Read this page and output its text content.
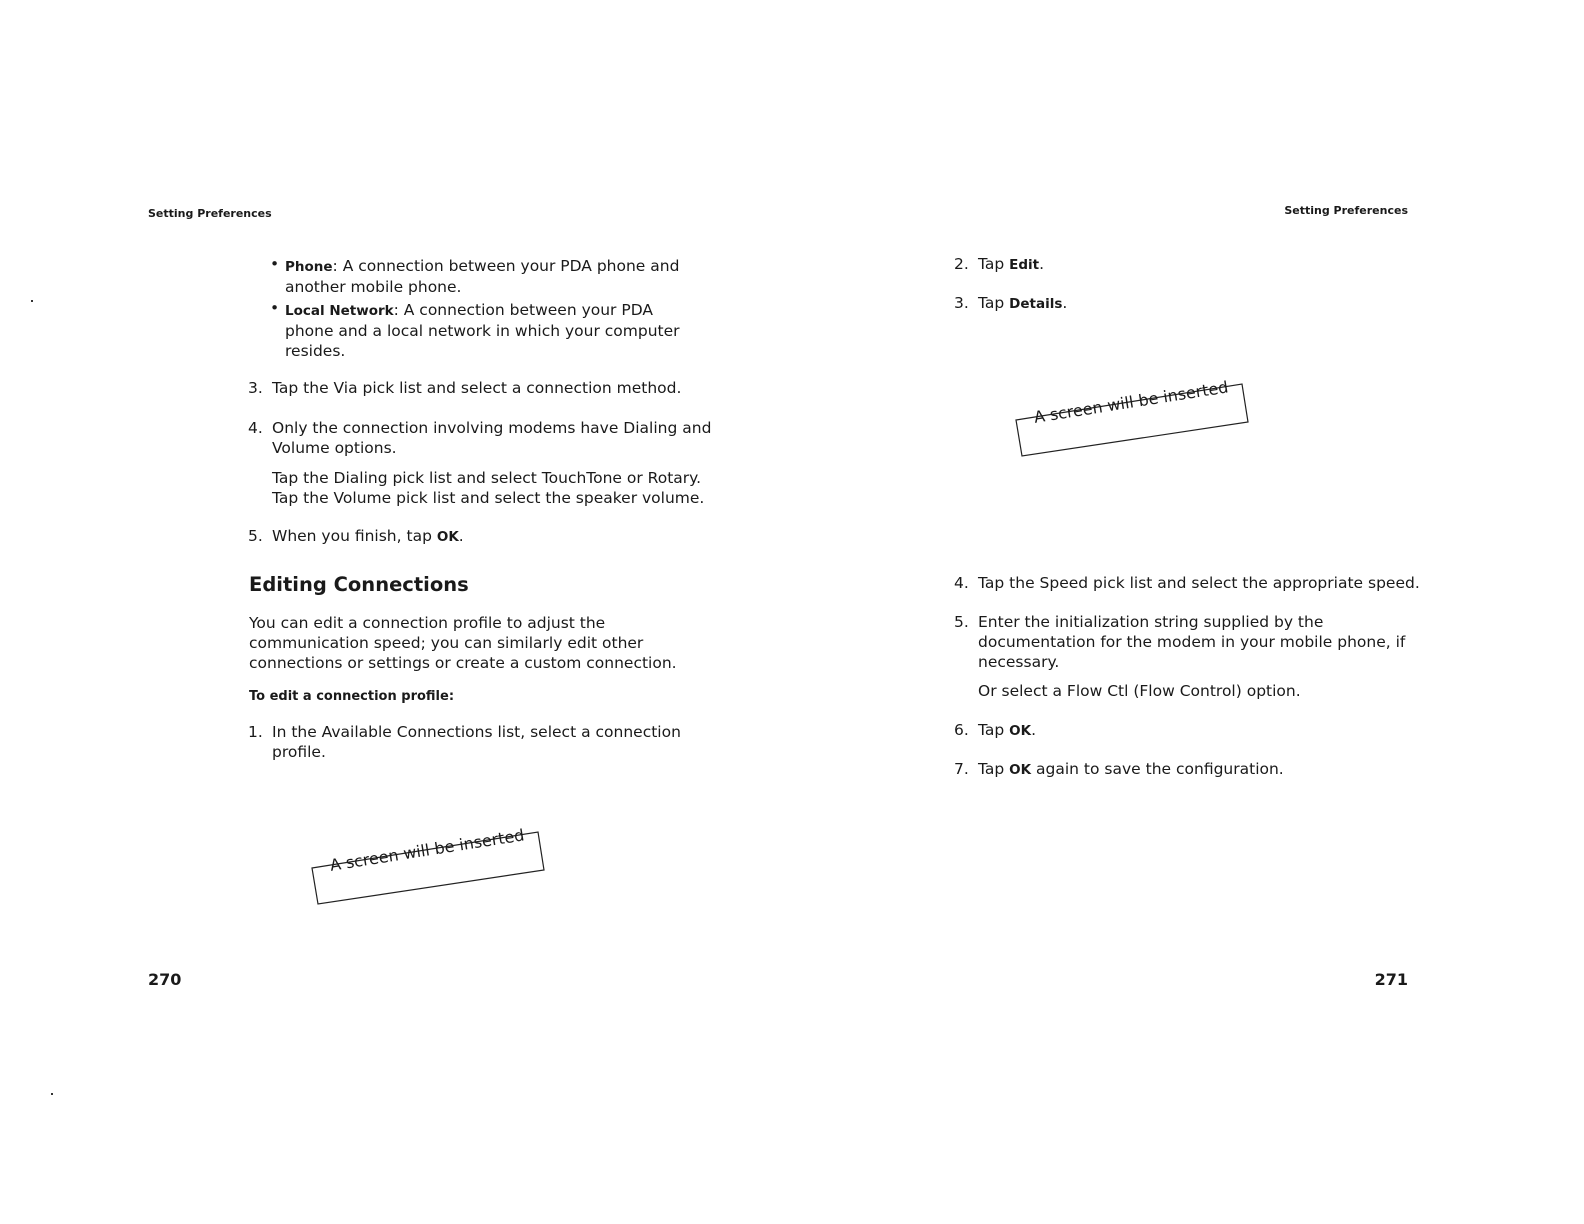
Setting Preferences
• Phone: A connection between your PDA phone and another mobile phone.
• Local Network: A connection between your PDA phone and a local network in which your computer resides.
3. Tap the Via pick list and select a connection method.
4. Only the connection involving modems have Dialing and Volume options.
Tap the Dialing pick list and select TouchTone or Rotary. Tap the Volume pick list and select the speaker volume.
5. When you finish, tap OK.
Editing Connections
You can edit a connection profile to adjust the communication speed; you can similarly edit other connections or settings or create a custom connection.
To edit a connection profile:
1. In the Available Connections list, select a connection profile.
A screen will be inserted
270
Setting Preferences
2. Tap Edit.
3. Tap Details.
A screen will be inserted
4. Tap the Speed pick list and select the appropriate speed.
5. Enter the initialization string supplied by the documentation for the modem in your mobile phone, if necessary.
Or select a Flow Ctl (Flow Control) option.
6. Tap OK.
7. Tap OK again to save the configuration.
271
